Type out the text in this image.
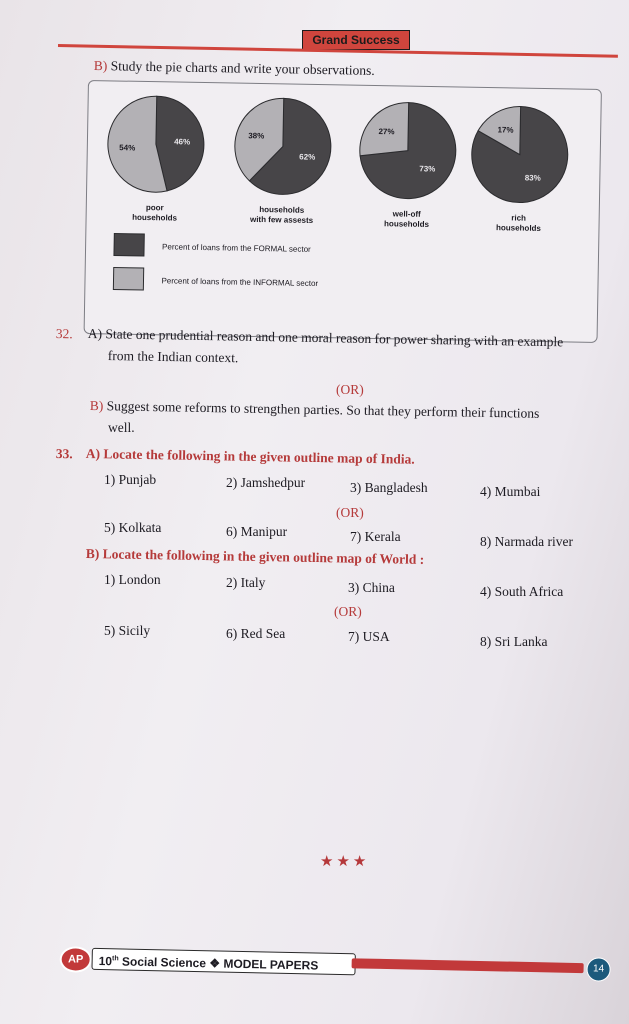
Grand Success
B) Study the pie charts and write your observations.
46%
54%
poor
households
62%
38%
households
with few assests
73%
27%
well-off
households
83%
17%
rich
households
Percent of loans from the FORMAL sector
Percent of loans from the INFORMAL sector
32. A) State one prudential reason and one moral reason for power sharing with an example
from the Indian context.
(OR)
B) Suggest some reforms to strengthen parties. So that they perform their functions
well.
33. A) Locate the following in the given outline map of India.
1) Punjab	2) Jamshedpur	3) Bangladesh	4) Mumbai
(OR)
5) Kolkata	6) Manipur	7) Kerala	8) Narmada river
B) Locate the following in the given outline map of World :
1) London	2) Italy	3) China	4) South Africa
(OR)
5) Sicily	6) Red Sea	7) USA	8) Sri Lanka
★★★
AP	10th Social Science ❖ MODEL PAPERS	14
